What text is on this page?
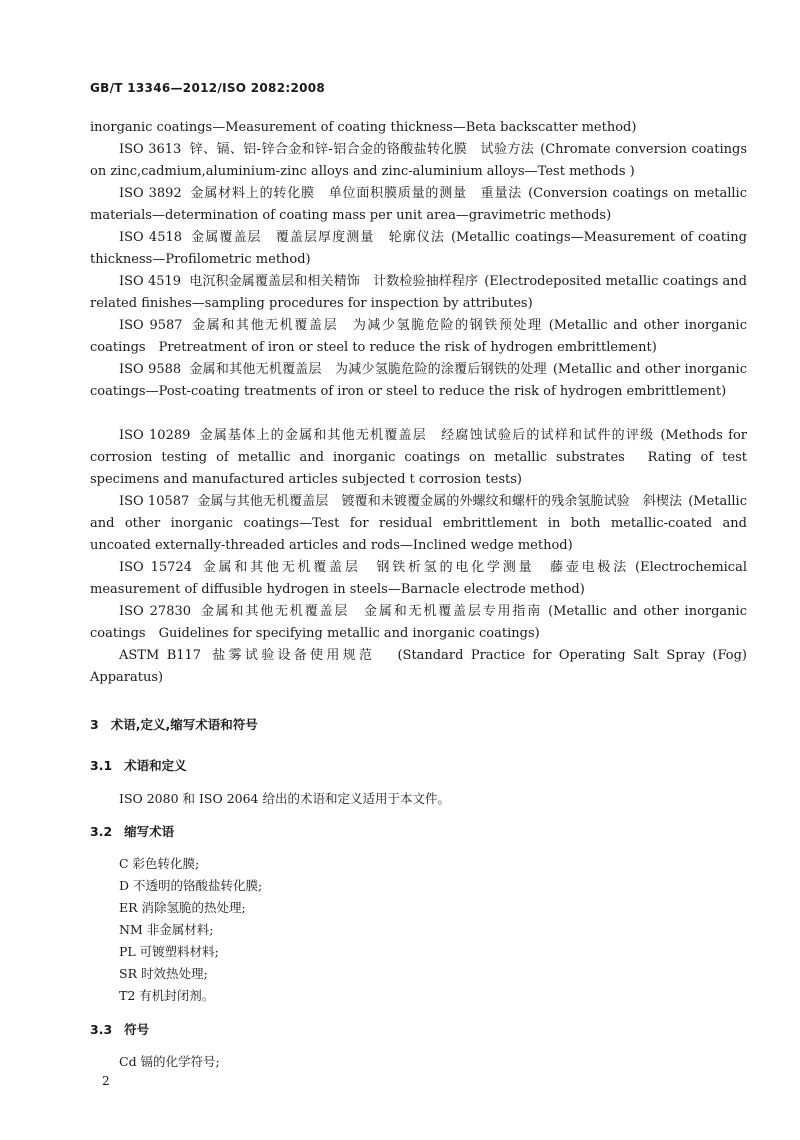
GB/T 13346—2012/ISO 2082:2008

inorganic coatings—Measurement of coating thickness—Beta backscatter method)

ISO 3613 锌、镉、铝-锌合金和锌-铝合金的铬酸盐转化膜　试验方法 (Chromate conversion coatings on zinc,cadmium,aluminium-zinc alloys and zinc-aluminium alloys—Test methods )

ISO 3892 金属材料上的转化膜　单位面积膜质量的测量　重量法 (Conversion coatings on metallic materials—determination of coating mass per unit area—gravimetric methods)

ISO 4518 金属覆盖层　覆盖层厚度测量　轮廓仪法 (Metallic coatings—Measurement of coating thickness—Profilometric method)

ISO 4519 电沉积金属覆盖层和相关精饰　计数检验抽样程序 (Electrodeposited metallic coatings and related finishes—sampling procedures for inspection by attributes)

ISO 9587 金属和其他无机覆盖层　为减少氢脆危险的钢铁预处理 (Metallic and other inorganic coatings　Pretreatment of iron or steel to reduce the risk of hydrogen embrittlement)

ISO 9588 金属和其他无机覆盖层　为减少氢脆危险的涂覆后钢铁的处理 (Metallic and other inorganic coatings—Post-coating treatments of iron or steel to reduce the risk of hydrogen embrittlement)

ISO 10289 金属基体上的金属和其他无机覆盖层　经腐蚀试验后的试样和试件的评级 (Methods for corrosion testing of metallic and inorganic coatings on metallic substrates　Rating of test specimens and manufactured articles subjected t corrosion tests)

ISO 10587 金属与其他无机覆盖层　镀覆和未镀覆金属的外螺纹和螺杆的残余氢脆试验　斜楔法 (Metallic and other inorganic coatings—Test for residual embrittlement in both metallic-coated and uncoated externally-threaded articles and rods—Inclined wedge method)

ISO 15724 金属和其他无机覆盖层　钢铁析氢的电化学测量　藤壶电极法 (Electrochemical measurement of diffusible hydrogen in steels—Barnacle electrode method)

ISO 27830 金属和其他无机覆盖层　金属和无机覆盖层专用指南 (Metallic and other inorganic coatings　Guidelines for specifying metallic and inorganic coatings)

ASTM B117 盐雾试验设备使用规范　(Standard Practice for Operating Salt Spray (Fog) Apparatus)

3 术语,定义,缩写术语和符号
3.1 术语和定义
ISO 2080 和 ISO 2064 给出的术语和定义适用于本文件。
3.2 缩写术语
C 彩色转化膜;
D 不透明的铬酸盐转化膜;
ER 消除氢脆的热处理;
NM 非金属材料;
PL 可镀塑料材料;
SR 时效热处理;
T2 有机封闭剂。
3.3 符号
Cd 镉的化学符号;
2
